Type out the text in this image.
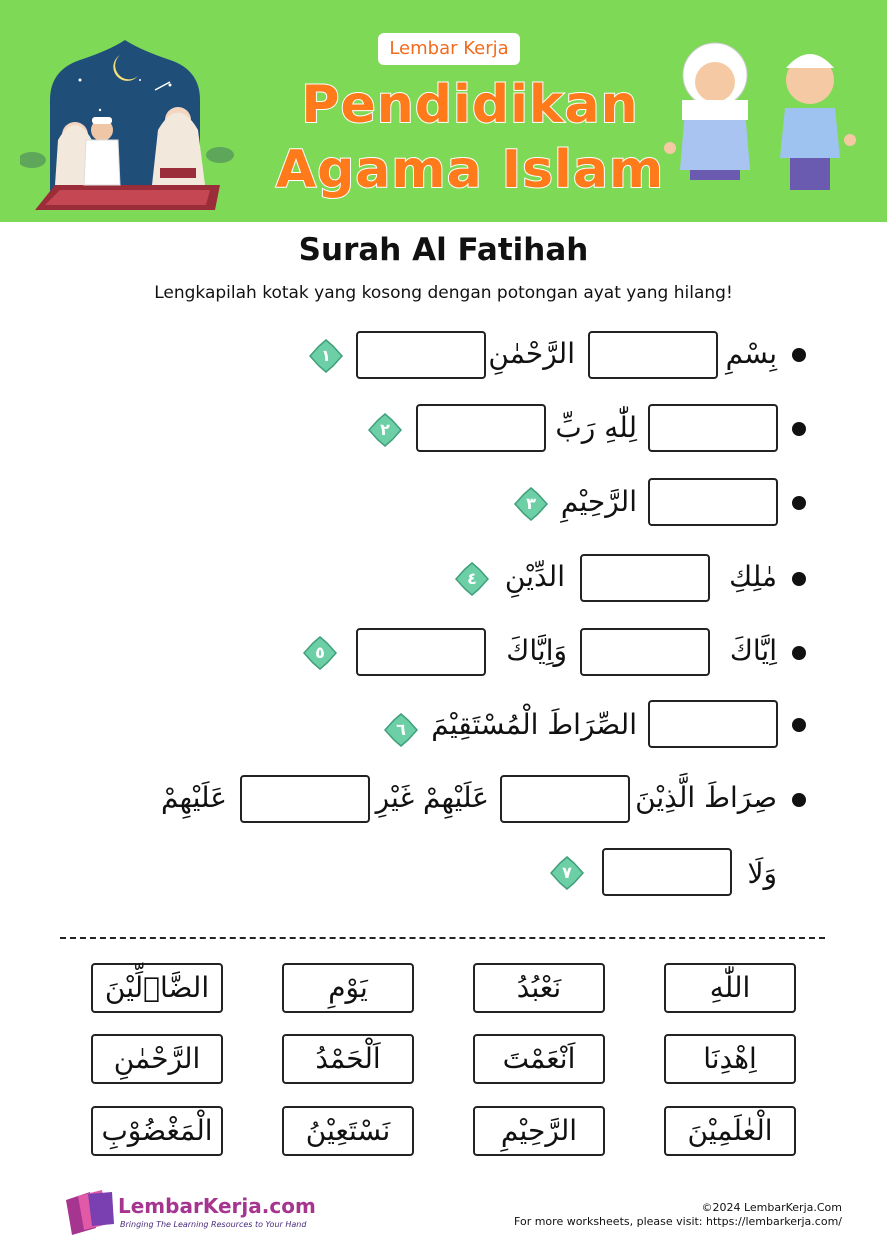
Lembar Kerja
Pendidikan
Agama Islam
Surah Al Fatihah
Lengkapilah kotak yang kosong dengan potongan ayat yang hilang!
بِسْمِ
الرَّحْمٰنِ
١
لِلّٰهِ رَبِّ
٢
الرَّحِيْمِ
٣
مٰلِكِ
الدِّيْنِ
٤
اِيَّاكَ
وَاِيَّاكَ
٥
الصِّرَاطَ الْمُسْتَقِيْمَ
٦
صِرَاطَ الَّذِيْنَ
عَلَيْهِمْ غَيْرِ
عَلَيْهِمْ
وَلَا
٧
اللّٰهِ
نَعْبُدُ
يَوْمِ
الضَّاۤلِّيْنَ
اِهْدِنَا
اَنْعَمْتَ
اَلْحَمْدُ
الرَّحْمٰنِ
الْعٰلَمِيْنَ
الرَّحِيْمِ
نَسْتَعِيْنُ
الْمَغْضُوْبِ
LembarKerja.com
Bringing The Learning Resources to Your Hand
©2024 LembarKerja.Com
For more worksheets, please visit: https://lembarkerja.com/
